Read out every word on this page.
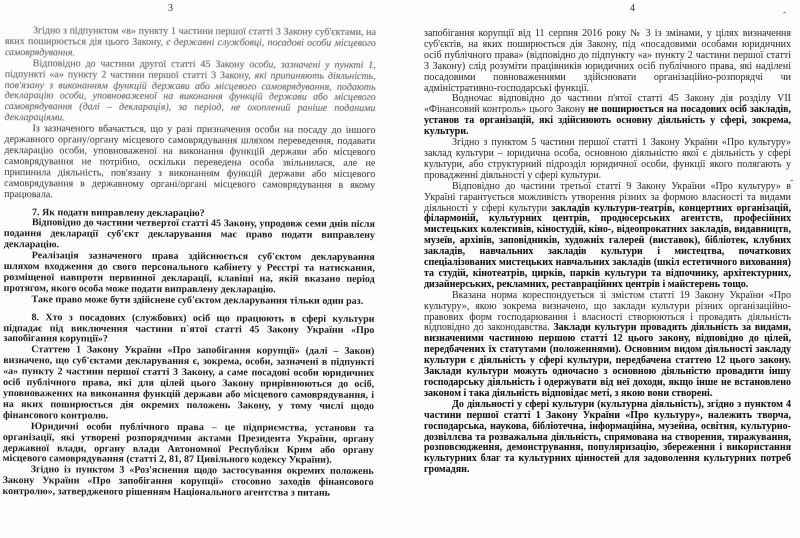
3	4

Згідно з підпунктом «в» пункту 1 частини першої статті 3 Закону суб'єктами, на яких поширюється дія цього Закону, є державні службовці, посадові особи місцевого самоврядування.

Відповідно до частини другої статті 45 Закону особи, зазначені у пункті 1, підпункті «а» пункту 2 частини першої статті 3 Закону, які припиняють діяльність, пов'язану з виконанням функцій держави або місцевого самоврядування, подають декларацію особи, уповноваженої на виконання функцій держави або місцевого самоврядування (далі – декларація), за період, не охоплений раніше поданими деклараціями.

Із зазначеного вбачається, що у разі призначення особи на посаду до іншого державного органу/органу місцевого самоврядування шляхом переведення, подавати декларацію особи, уповноваженої на виконання функцій держави або місцевого самоврядування не потрібно, оскільки переведена особа звільнилася, але не припинила діяльність, пов'язану з виконанням функцій держави або місцевого самоврядування в державному органі/органі місцевого самоврядування в якому працювала.

7. Як подати виправлену декларацію?

Відповідно до частини четвертої статті 45 Закону, упродовж семи днів після подання декларації суб'єкт декларування має право подати виправлену декларацію.

Реалізація зазначеного права здійснюється суб'єктом декларування шляхом входження до свого персонального кабінету у Реєстрі та натискання, розміщеної навпроти первинної декларації, клавіші на, якій вказано період протягом, якого особа може подати виправлену декларацію.

Таке право може бути здійснене суб'єктом декларування тільки один раз.

8. Хто з посадових (службових) осіб що працюють в сфері культури підпадає під виключення частини п`ятої статті 45 Закону України «Про запобігання корупції»?

Статтею 1 Закону України «Про запобігання корупції» (далі – Закон) визначено, що суб'єктами декларування є, зокрема, особи, зазначені в підпункті «а» пункту 2 частини першої статті 3 Закону, а саме посадові особи юридичних осіб публічного права, які для цілей цього Закону прирівнюються до осіб, уповноважених на виконання функцій держави або місцевого самоврядування, і на яких поширюється дія окремих положень Закону, у тому числі щодо фінансового контролю.

Юридичні особи публічного права – це підприємства, установи та організації, які утворені розпорядчими актами Президента України, органу державної влади, органу влади Автономної Республіки Крим або органу місцевого самоврядування (статті 2, 81, 87 Цивільного кодексу України).

Згідно із пунктом 3 «Роз'яснення щодо застосування окремих положень Закону України «Про запобігання корупції» стосовно заходів фінансового контролю», затвердженого рішенням Національного агентства з питань

запобігання корупції від 11 серпня 2016 року № 3 із змінами, у цілях визначення суб'єктів, на яких поширюється дія Закону, під «посадовими особами юридичних осіб публічного права» (відповідно до підпункту «а» пункту 2 частини першої статті 3 Закону) слід розуміти працівників юридичних осіб публічного права, які наділені посадовими повноваженнями здійснювати організаційно-розпорядчі чи адміністративно-господарські функції.

Водночас відповідно до частини п'ятої статті 45 Закону дія розділу VII «Фінансовий контроль» цього Закону не поширюється на посадових осіб закладів, установ та організацій, які здійснюють основну діяльність у сфері, зокрема, культури.

Згідно з пунктом 5 частини першої статті 1 Закону України «Про культуру» заклад культури – юридична особа, основною діяльністю якої є діяльність у сфері культури, або структурний підрозділ юридичної особи, функції якого полягають у провадженні діяльності у сфері культури.

Відповідно до частини третьої статті 9 Закону України «Про культуру» в Україні гарантується можливість утворення різних за формою власності та видами діяльності у сфері культури закладів культури-театрів, концертних організацій, філармоній, культурних центрів, продюсерських агентств, професійних мистецьких колективів, кіностудій, кіно-, відеопрокатних закладів, видавництв, музеїв, архівів, заповідників, художніх галерей (виставок), бібліотек, клубних закладів, навчальних закладів культури і мистецтва, початкових спеціалізованих мистецьких навчальних закладів (шкіл естетичного виховання) та студій, кінотеатрів, цирків, парків культури та відпочинку, архітектурних, дизайнерських, рекламних, реставраційних центрів і майстерень тощо.

Вказана норма кореспондується зі змістом статті 19 Закону України «Про культуру», якою зокрема визначено, що заклади культури різних організаційно-правових форм господарювання і власності створюються і провадять діяльність відповідно до законодавства. Заклади культури провадять діяльність за видами, визначеними частиною першою статті 12 цього закону, відповідно до цілей, передбачених їх статутами (положеннями). Основним видом діяльності закладу культури є діяльність у сфері культури, передбачена статтею 12 цього закону. Заклади культури можуть одночасно з основною діяльністю провадити іншу господарську діяльність і одержувати від неї доходи, якщо інше не встановлено законом і така діяльність відповідає меті, з якою вони створені.

До діяльності у сфері культури (культурна діяльність), згідно з пунктом 4 частини першої статті 1 Закону України «Про культуру», належить творча, господарська, наукова, бібліотечна, інформаційна, музейна, освітня, культурно-дозвіллєва та розважальна діяльність, спрямована на створення, тиражування, розповсюдження, демонстрування, популяризацію, збереження і використання культурних благ та культурних цінностей для задоволення культурних потреб громадян.

-
-
